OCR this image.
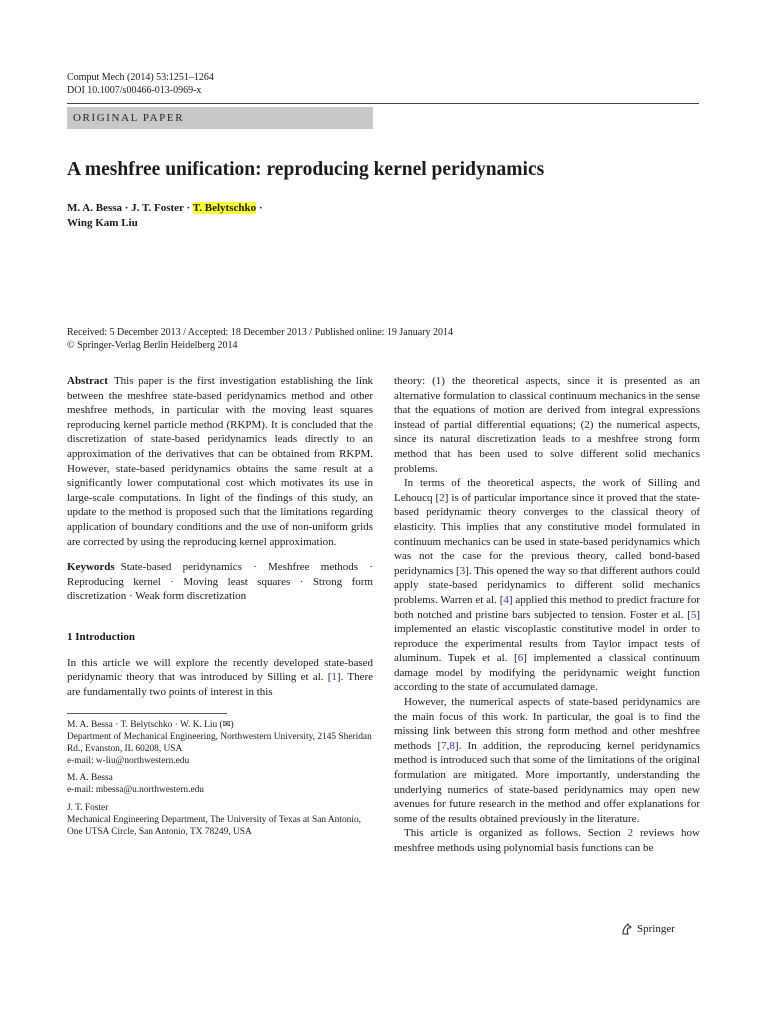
Comput Mech (2014) 53:1251–1264
DOI 10.1007/s00466-013-0969-x
ORIGINAL PAPER
A meshfree unification: reproducing kernel peridynamics
M. A. Bessa · J. T. Foster · T. Belytschko ·
Wing Kam Liu
Received: 5 December 2013 / Accepted: 18 December 2013 / Published online: 19 January 2014
© Springer-Verlag Berlin Heidelberg 2014

Abstract This paper is the first investigation establishing the link between the meshfree state-based peridynamics method and other meshfree methods, in particular with the moving least squares reproducing kernel particle method (RKPM). It is concluded that the discretization of state-based peridynamics leads directly to an approximation of the derivatives that can be obtained from RKPM. However, state-based peridynamics obtains the same result at a significantly lower computational cost which motivates its use in large-scale computations. In light of the findings of this study, an update to the method is proposed such that the limitations regarding application of boundary conditions and the use of non-uniform grids are corrected by using the reproducing kernel approximation.

Keywords State-based peridynamics · Meshfree methods · Reproducing kernel · Moving least squares · Strong form discretization · Weak form discretization

1 Introduction

In this article we will explore the recently developed state-based peridynamic theory that was introduced by Silling et al. [1]. There are fundamentally two points of interest in this

M. A. Bessa · T. Belytschko · W. K. Liu (✉)
Department of Mechanical Engineering, Northwestern University, 2145 Sheridan Rd., Evanston, IL 60208, USA
e-mail: w-liu@northwestern.edu

M. A. Bessa
e-mail: mbessa@u.northwestern.edu

J. T. Foster
Mechanical Engineering Department, The University of Texas at San Antonio, One UTSA Circle, San Antonio, TX 78249, USA

theory: (1) the theoretical aspects, since it is presented as an alternative formulation to classical continuum mechanics in the sense that the equations of motion are derived from integral expressions instead of partial differential equations; (2) the numerical aspects, since its natural discretization leads to a meshfree strong form method that has been used to solve different solid mechanics problems.

In terms of the theoretical aspects, the work of Silling and Lehoucq [2] is of particular importance since it proved that the state-based peridynamic theory converges to the classical theory of elasticity. This implies that any constitutive model formulated in continuum mechanics can be used in state-based peridynamics which was not the case for the previous theory, called bond-based peridynamics [3]. This opened the way so that different authors could apply state-based peridynamics to different solid mechanics problems. Warren et al. [4] applied this method to predict fracture for both notched and pristine bars subjected to tension. Foster et al. [5] implemented an elastic viscoplastic constitutive model in order to reproduce the experimental results from Taylor impact tests of aluminum. Tupek et al. [6] implemented a classical continuum damage model by modifying the peridynamic weight function according to the state of accumulated damage.

However, the numerical aspects of state-based peridynamics are the main focus of this work. In particular, the goal is to find the missing link between this strong form method and other meshfree methods [7,8]. In addition, the reproducing kernel peridynamics method is introduced such that some of the limitations of the original formulation are mitigated. More importantly, understanding the underlying numerics of state-based peridynamics may open new avenues for future research in the method and offer explanations for some of the results obtained previously in the literature.

This article is organized as follows. Section 2 reviews how meshfree methods using polynomial basis functions can be

Springer
